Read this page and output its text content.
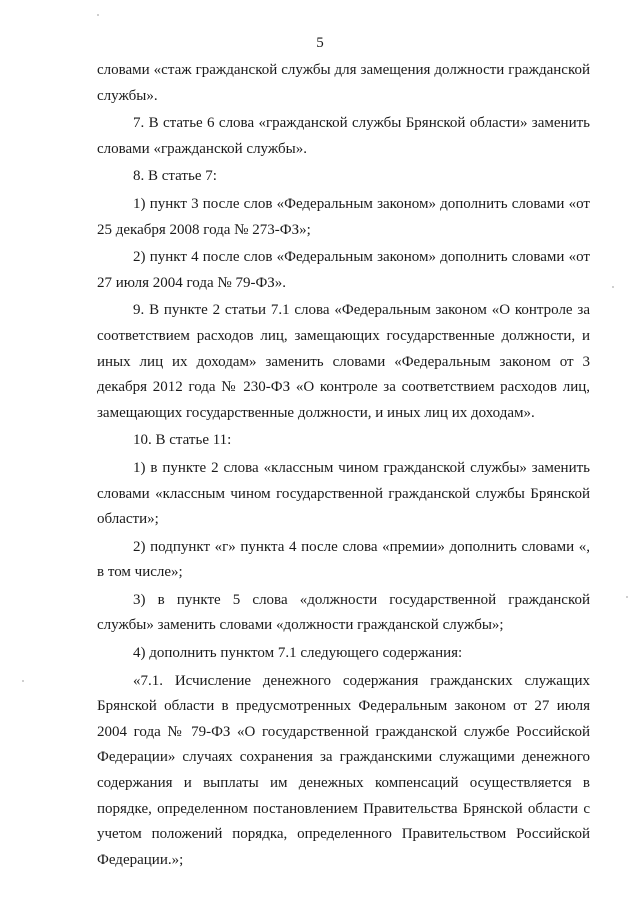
5

словами «стаж гражданской службы для замещения должности гражданской службы».

7. В статье 6 слова «гражданской службы Брянской области» заменить словами «гражданской службы».

8. В статье 7:

1) пункт 3 после слов «Федеральным законом» дополнить словами «от 25 декабря 2008 года № 273-ФЗ»;

2) пункт 4 после слов «Федеральным законом» дополнить словами «от 27 июля 2004 года № 79-ФЗ».

9. В пункте 2 статьи 7.1 слова «Федеральным законом «О контроле за соответствием расходов лиц, замещающих государственные должности, и иных лиц их доходам» заменить словами «Федеральным законом от 3 декабря 2012 года № 230-ФЗ «О контроле за соответствием расходов лиц, замещающих государственные должности, и иных лиц их доходам».

10. В статье 11:

1) в пункте 2 слова «классным чином гражданской службы» заменить словами «классным чином государственной гражданской службы Брянской области»;

2) подпункт «г» пункта 4 после слова «премии» дополнить словами «, в том числе»;

3) в пункте 5 слова «должности государственной гражданской службы» заменить словами «должности гражданской службы»;

4) дополнить пунктом 7.1 следующего содержания:

«7.1. Исчисление денежного содержания гражданских служащих Брянской области в предусмотренных Федеральным законом от 27 июля 2004 года № 79-ФЗ «О государственной гражданской службе Российской Федерации» случаях сохранения за гражданскими служащими денежного содержания и выплаты им денежных компенсаций осуществляется в порядке, определенном постановлением Правительства Брянской области с учетом положений порядка, определенного Правительством Российской Федерации.»;
